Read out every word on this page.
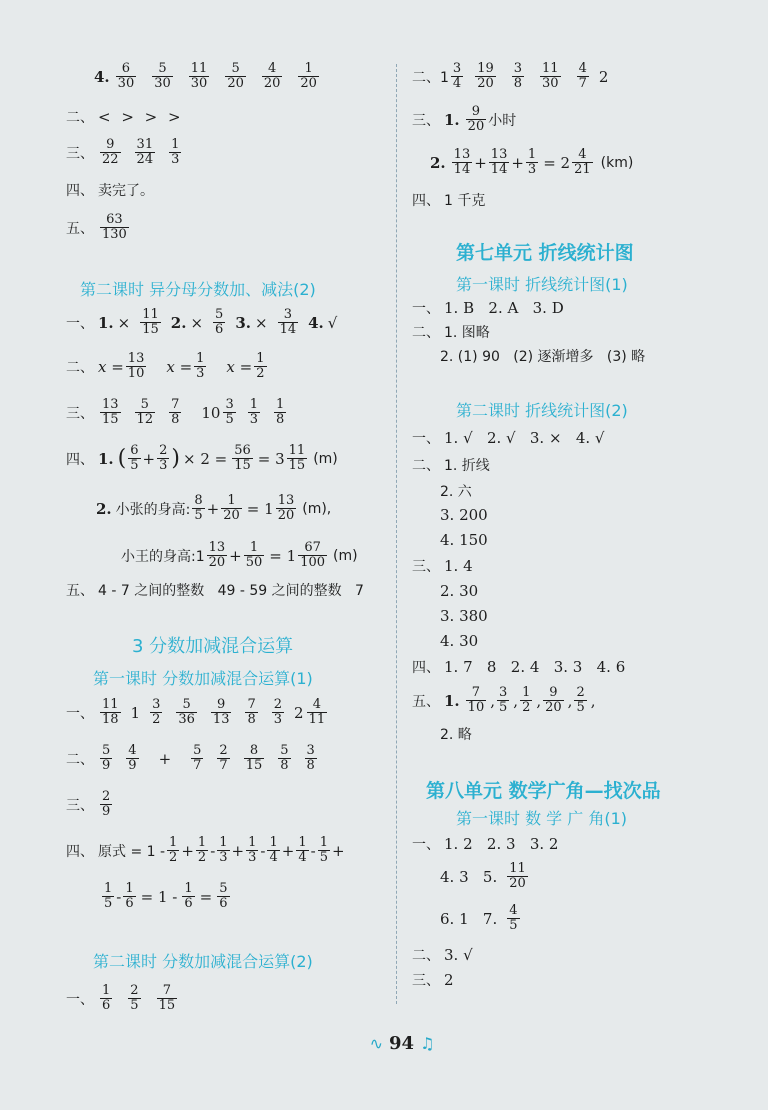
4. $\frac{6}{30} \frac{5}{30} \frac{11}{30} \frac{5}{20} \frac{4}{20} \frac{1}{20}$
二、 < > > >
三、 $\frac{9}{22} \frac{31}{24} \frac{1}{3}$
四、 卖完了。
五、 $\frac{63}{130}$
第二课时 异分母分数加、减法(2)
一、 1. × $\frac{11}{15} 2$. × $\frac{5}{6} 3$. × $\frac{3}{14} 4$. √
二、 $x = \frac{13}{10}$ $x = \frac{1}{3}$ $x = \frac{1}{2}$
三、 $\frac{13}{15} \frac{5}{12} \frac{7}{8} 10 \frac{3}{5} \frac{1}{3} \frac{1}{8}$
四、 1. ( $\frac{6}{5} + \frac{2}{3}$ ) × $2 = \frac{56}{15} = 3 \frac{11}{15} (m)$
2. 小张的身高: $\frac{8}{5} + \frac{1}{20} = 1 \frac{13}{20} (m)$,
小王的身高:1 $\frac{13}{20} + \frac{1}{50} = 1 \frac{67}{100} (m)$
五、 4 - 7 之间的整数   49 - 59 之间的整数   7
3 分数加减混合运算
第一课时 分数加减混合运算(1)
一、 $\frac{11}{18} 1 \frac{3}{2} \frac{5}{36} \frac{9}{13} \frac{7}{8} \frac{2}{3} 2 \frac{4}{11}$
二、 $\frac{5}{9} \frac{4}{9} + \frac{5}{7} \frac{2}{7} \frac{8}{15} \frac{5}{8} \frac{3}{8}$
三、 $\frac{2}{9}$
四、 原式 = $1 - \frac{1}{2} + \frac{1}{2} - \frac{1}{3} + \frac{1}{3} - \frac{1}{4} + \frac{1}{4} - \frac{1}{5}$ +
$\frac{1}{5} - \frac{1}{6} = 1 - \frac{1}{6} = \frac{5}{6}$
第二课时 分数加减混合运算(2)
一、 $\frac{1}{6} \frac{2}{5} \frac{7}{15}$
二、$1 \frac{3}{4} \frac{19}{20} \frac{3}{8} \frac{11}{30} \frac{4}{7} 2$
三、 1. $\frac{9}{20}$ 小时
2. $\frac{13}{14} + \frac{13}{14} + \frac{1}{3} = 2 \frac{4}{21} (km)$
四、 1 千克
第七单元 折线统计图
第一课时 折线统计图(1)
一、 1. B   2. A   3. D
二、 1. 图略
2. (1) 90   (2) 逐渐增多   (3) 略
第二课时 折线统计图(2)
一、 1. √   2. √   3. ×   4. √
二、 1. 折线
2. 六
3. 200
4. 150
三、 1. 4
2. 30
3. 380
4. 30
四、 1. 7   8   2. 4   3. 3   4. 6
五、 1. $\frac{7}{10}$ , $\frac{3}{5}$ , $\frac{1}{2}$ , $\frac{9}{20}$ , $\frac{2}{5}$ ,
2. 略
第八单元 数学广角—找次品
第一课时 数 学 广 角(1)
一、 1. 2   2. 3   3. 2
4. 3   5. $\frac{11}{20}$
6. 1   7. $\frac{4}{5}$
二、 3. √
三、 2
∿ 94 ♫
